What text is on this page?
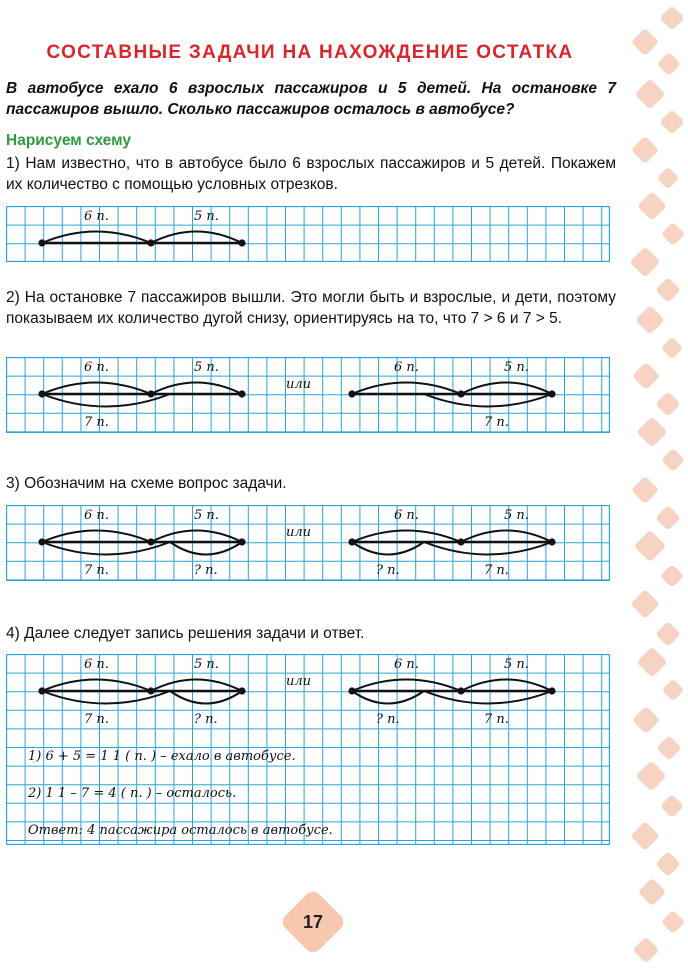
СОСТАВНЫЕ ЗАДАЧИ НА НАХОЖДЕНИЕ ОСТАТКА

В автобусе ехало 6 взрослых пассажиров и 5 детей. На остановке 7 пассажиров вышло. Сколько пассажиров осталось в автобусе?

Нарисуем схему

1) Нам известно, что в автобусе было 6 взрослых пассажиров и 5 детей. Покажем их количество с помощью условных отрезков.

6 п.	5 п.

2) На остановке 7 пассажиров вышли. Это могли быть и взрослые, и дети, поэтому показываем их количество дугой снизу, ориентируясь на то, что 7 > 6 и 7 > 5.

6 п.	5 п.
7 п.
или
6 п.	5 п.
7 п.

3) Обозначим на схеме вопрос задачи.

6 п.	5 п.
7 п.	? п.
или
6 п.	5 п.
? п.	7 п.

4) Далее следует запись решения задачи и ответ.

6 п.	5 п.
7 п.	? п.
или
6 п.	5 п.
? п.	7 п.
1) 6 + 5 = 1 1 ( п. ) – ехало в автобусе.
2) 1 1 – 7 = 4 ( п. ) – осталось.
Ответ: 4 пассажира осталось в автобусе.
17
